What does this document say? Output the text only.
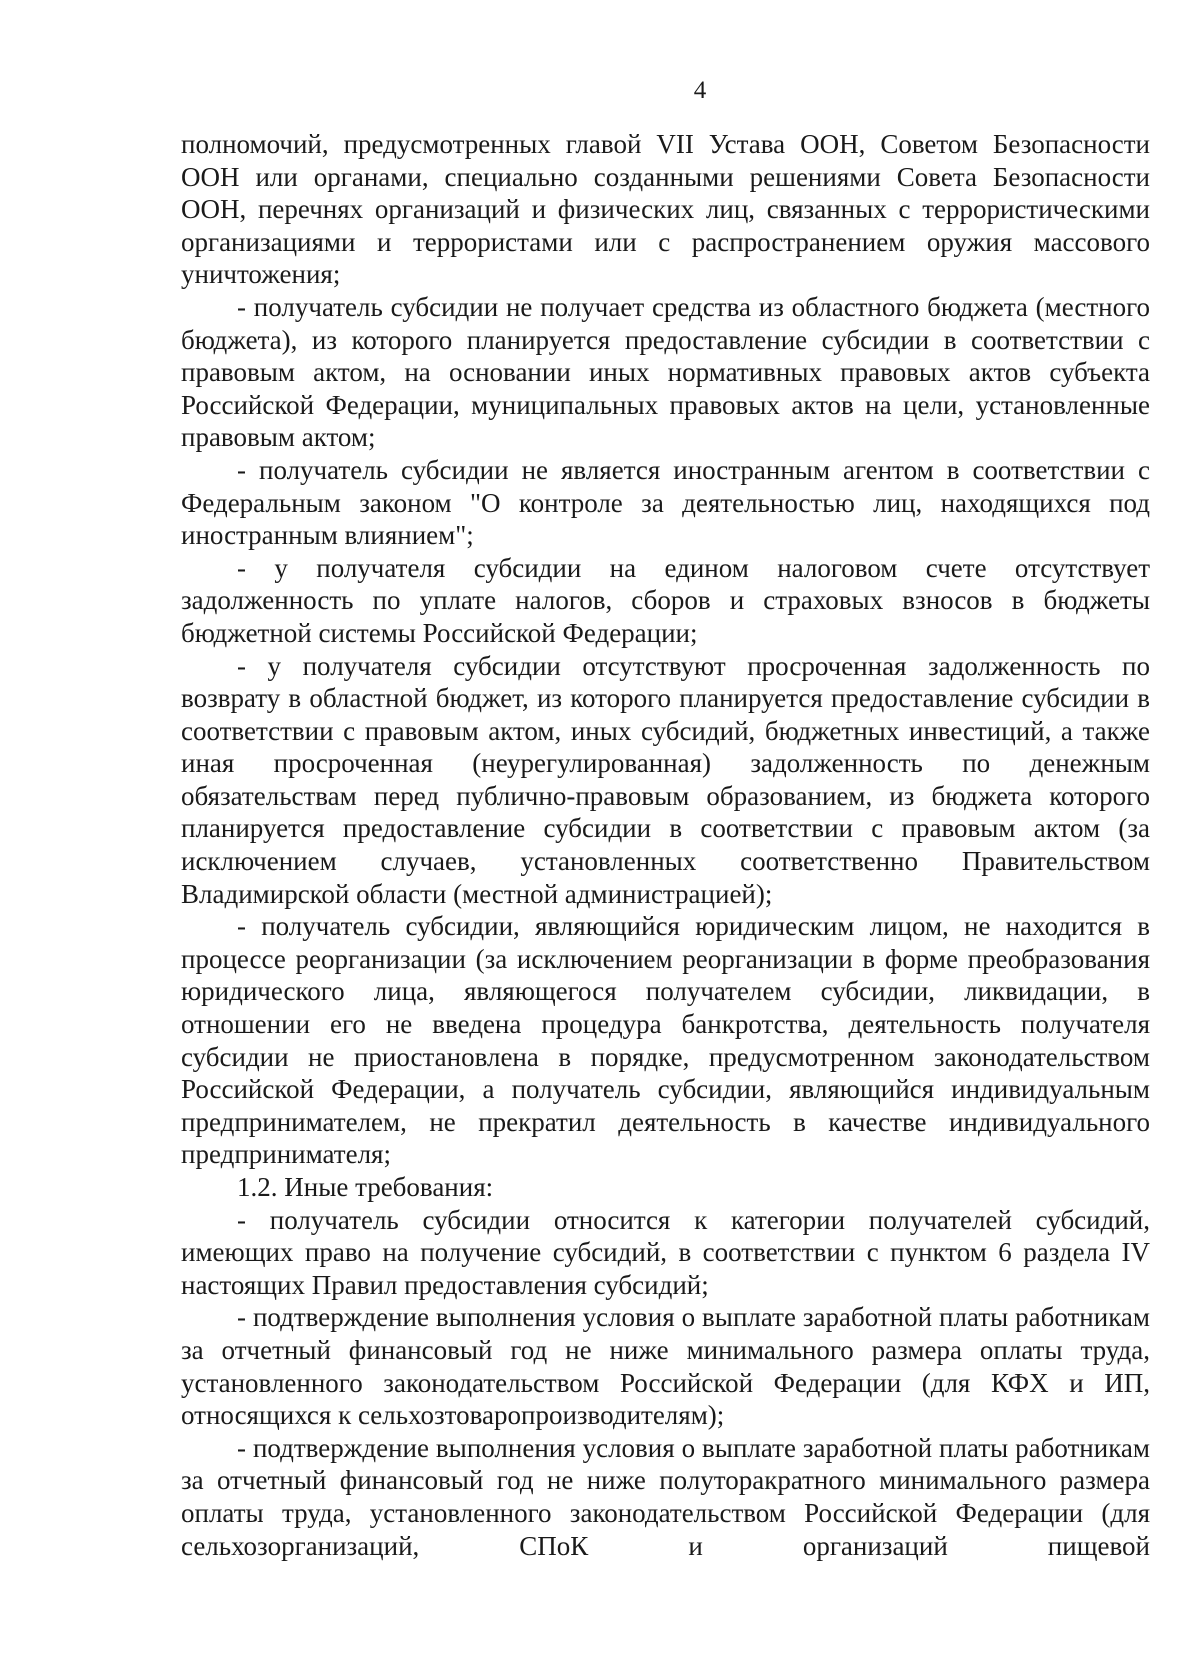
4

полномочий, предусмотренных главой VII Устава ООН, Советом Безопасности ООН или органами, специально созданными решениями Совета Безопасности ООН, перечнях организаций и физических лиц, связанных с террористическими организациями и террористами или с распространением оружия массового уничтожения;

- получатель субсидии не получает средства из областного бюджета (местного бюджета), из которого планируется предоставление субсидии в соответствии с правовым актом, на основании иных нормативных правовых актов субъекта Российской Федерации, муниципальных правовых актов на цели, установленные правовым актом;

- получатель субсидии не является иностранным агентом в соответствии с Федеральным законом "О контроле за деятельностью лиц, находящихся под иностранным влиянием";

- у получателя субсидии на едином налоговом счете отсутствует задолженность по уплате налогов, сборов и страховых взносов в бюджеты бюджетной системы Российской Федерации;

- у получателя субсидии отсутствуют просроченная задолженность по возврату в областной бюджет, из которого планируется предоставление субсидии в соответствии с правовым актом, иных субсидий, бюджетных инвестиций, а также иная просроченная (неурегулированная) задолженность по денежным обязательствам перед публично-правовым образованием, из бюджета которого планируется предоставление субсидии в соответствии с правовым актом (за исключением случаев, установленных соответственно Правительством Владимирской области (местной администрацией);

- получатель субсидии, являющийся юридическим лицом, не находится в процессе реорганизации (за исключением реорганизации в форме преобразования юридического лица, являющегося получателем субсидии, ликвидации, в отношении его не введена процедура банкротства, деятельность получателя субсидии не приостановлена в порядке, предусмотренном законодательством Российской Федерации, а получатель субсидии, являющийся индивидуальным предпринимателем, не прекратил деятельность в качестве индивидуального предпринимателя;

1.2. Иные требования:

- получатель субсидии относится к категории получателей субсидий, имеющих право на получение субсидий, в соответствии с пунктом 6 раздела IV настоящих Правил предоставления субсидий;

- подтверждение выполнения условия о выплате заработной платы работникам за отчетный финансовый год не ниже минимального размера оплаты труда, установленного законодательством Российской Федерации (для КФХ и ИП, относящихся к сельхозтоваропроизводителям);

- подтверждение выполнения условия о выплате заработной платы работникам за отчетный финансовый год не ниже полуторакратного минимального размера оплаты труда, установленного законодательством Российской Федерации (для сельхозорганизаций, СПоК и организаций пищевой
